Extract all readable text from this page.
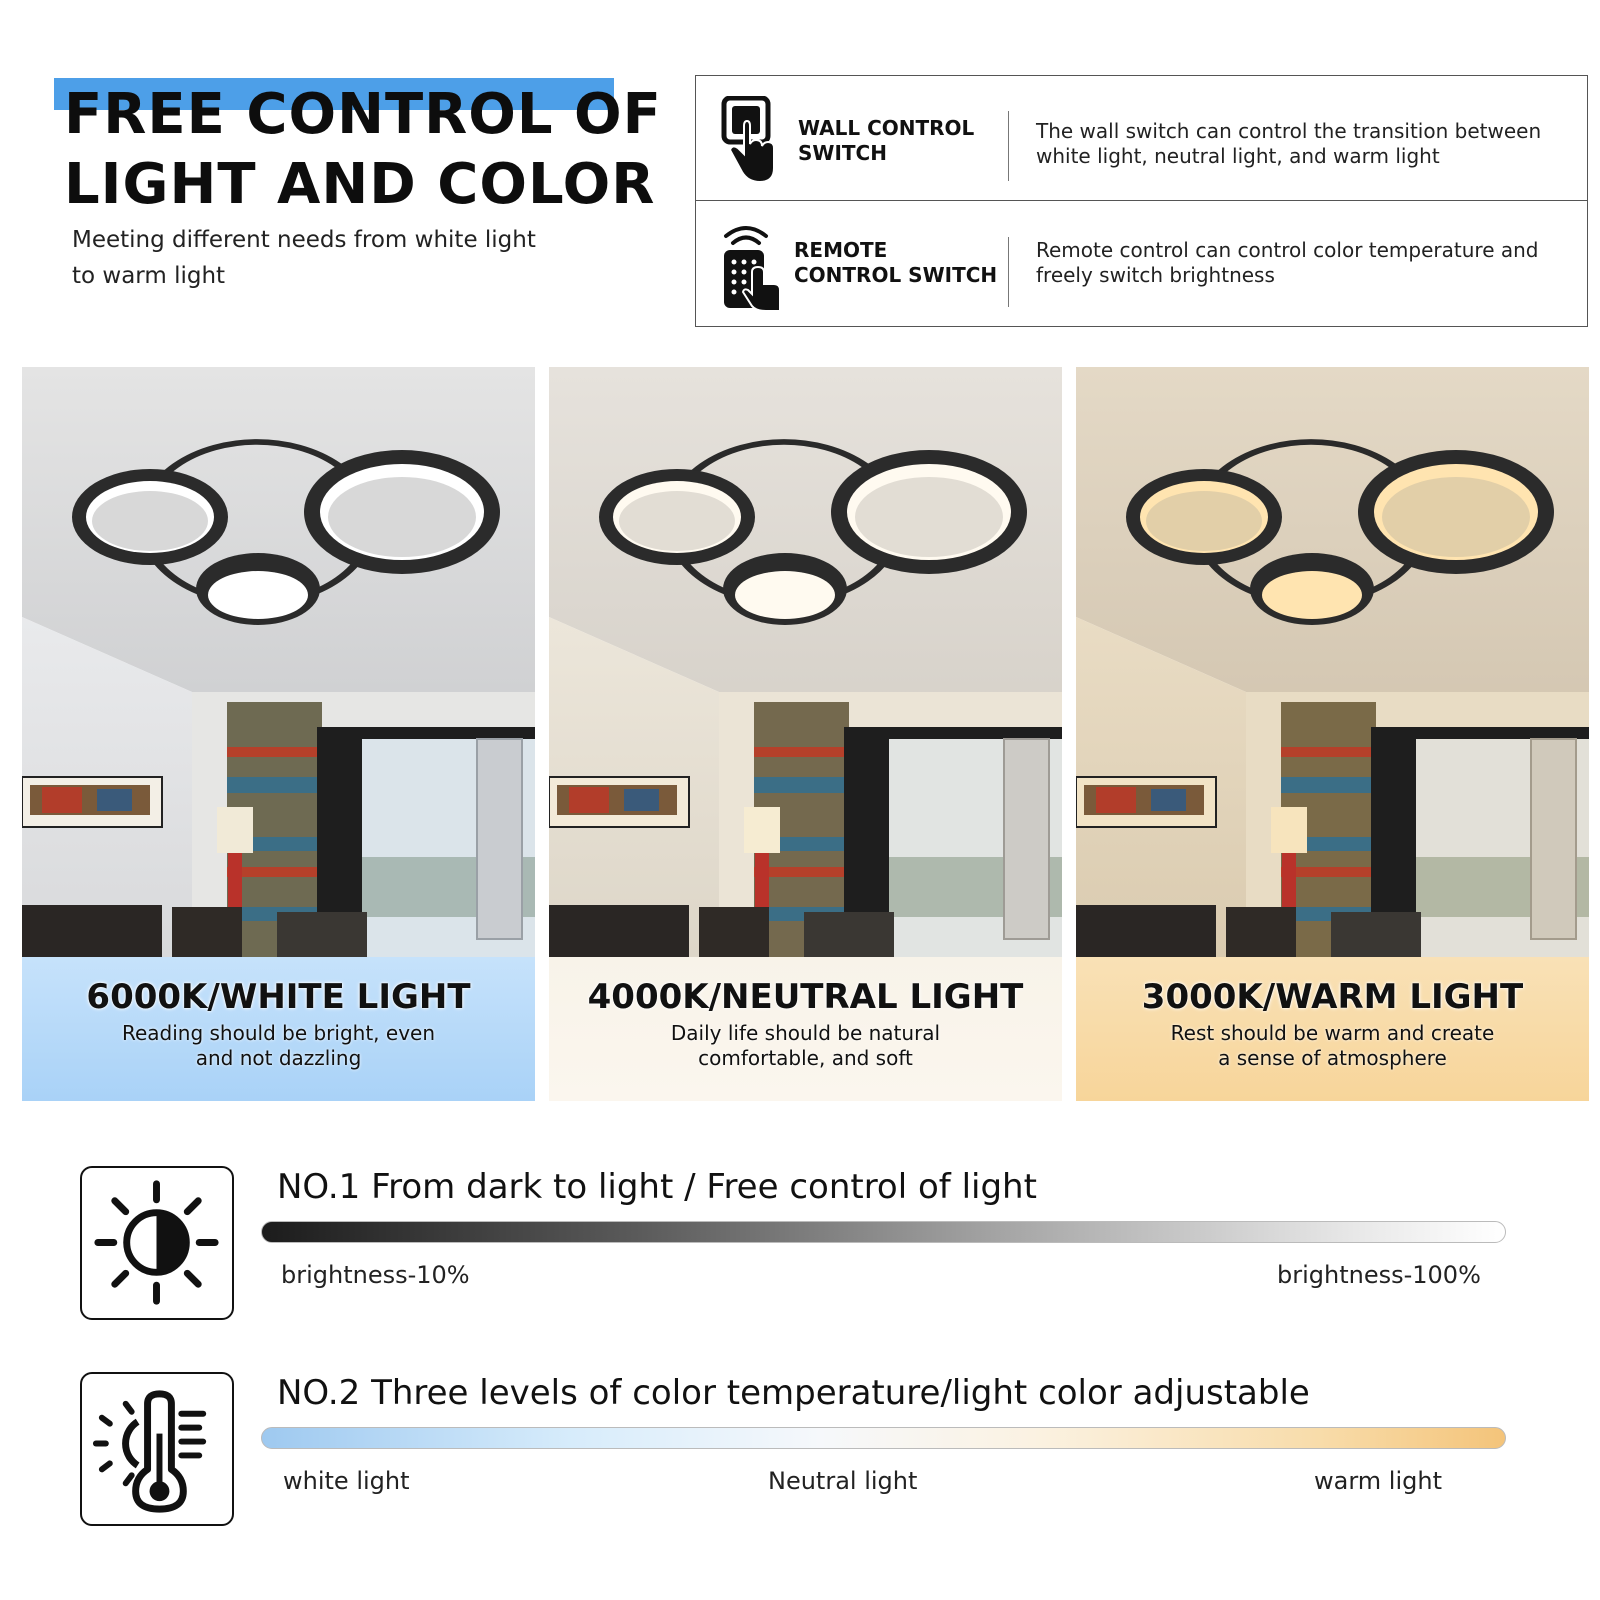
FREE CONTROL OF
LIGHT AND COLOR
Meeting different needs from white light to warm light
WALL CONTROL
SWITCH
The wall switch can control the transition between white light, neutral light, and warm light
REMOTE
CONTROL SWITCH
Remote control can control color temperature and freely switch brightness
6000K/WHITE LIGHT
Reading should be bright, even and not dazzling
4000K/NEUTRAL LIGHT
Daily life should be natural comfortable, and soft
3000K/WARM LIGHT
Rest should be warm and create a sense of atmosphere
NO.1 From dark to light / Free control of light
brightness-10%	brightness-100%
NO.2 Three levels of color temperature/light color adjustable
white light	Neutral light	warm light
